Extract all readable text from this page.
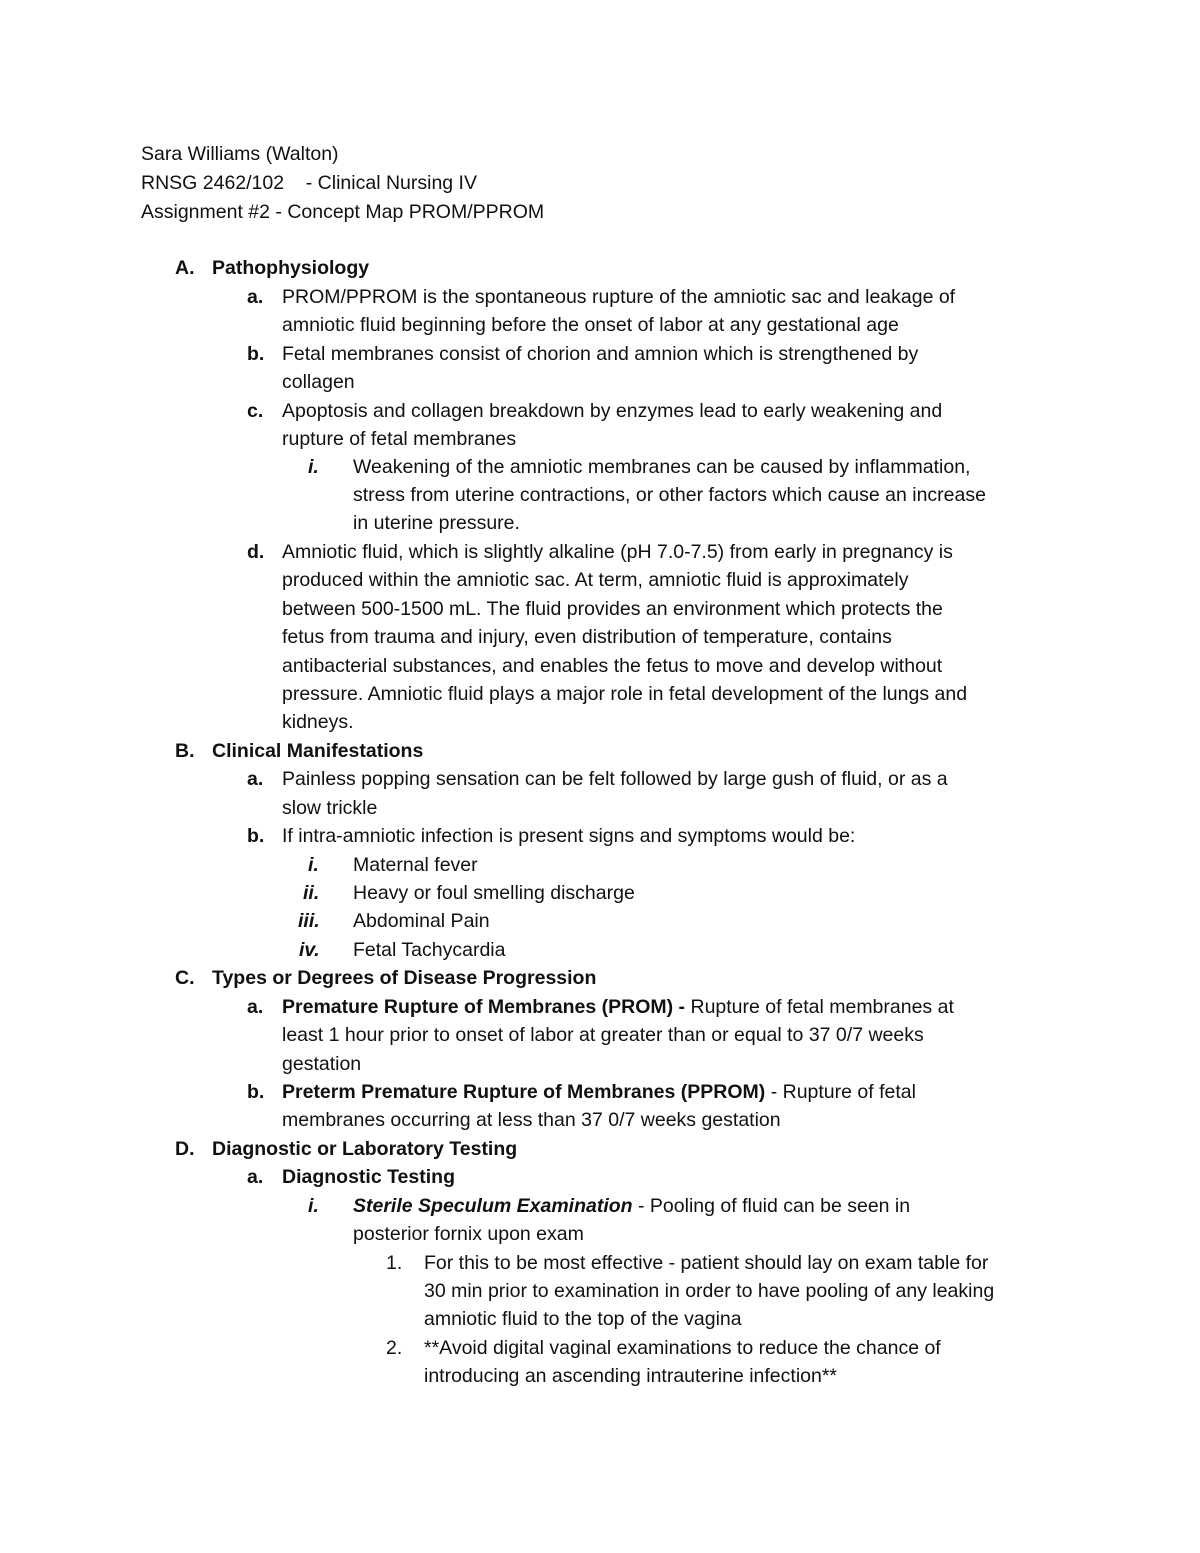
Sara Williams (Walton)
RNSG 2462/102    - Clinical Nursing IV
Assignment #2 - Concept Map PROM/PPROM
A. Pathophysiology
a. PROM/PPROM is the spontaneous rupture of the amniotic sac and leakage of
amniotic fluid beginning before the onset of labor at any gestational age
b. Fetal membranes consist of chorion and amnion which is strengthened by
collagen
c. Apoptosis and collagen breakdown by enzymes lead to early weakening and
rupture of fetal membranes
i. Weakening of the amniotic membranes can be caused by inflammation,
stress from uterine contractions, or other factors which cause an increase
in uterine pressure.
d. Amniotic fluid, which is slightly alkaline (pH 7.0-7.5) from early in pregnancy is
produced within the amniotic sac. At term, amniotic fluid is approximately
between 500-1500 mL. The fluid provides an environment which protects the
fetus from trauma and injury, even distribution of temperature, contains
antibacterial substances, and enables the fetus to move and develop without
pressure. Amniotic fluid plays a major role in fetal development of the lungs and
kidneys.
B. Clinical Manifestations
a. Painless popping sensation can be felt followed by large gush of fluid, or as a
slow trickle
b. If intra-amniotic infection is present signs and symptoms would be:
i. Maternal fever
ii. Heavy or foul smelling discharge
iii. Abdominal Pain
iv. Fetal Tachycardia
C. Types or Degrees of Disease Progression
a. Premature Rupture of Membranes (PROM) - Rupture of fetal membranes at
least 1 hour prior to onset of labor at greater than or equal to 37 0/7 weeks
gestation
b. Preterm Premature Rupture of Membranes (PPROM) - Rupture of fetal
membranes occurring at less than 37 0/7 weeks gestation
D. Diagnostic or Laboratory Testing
a. Diagnostic Testing
i. Sterile Speculum Examination - Pooling of fluid can be seen in
posterior fornix upon exam
1. For this to be most effective - patient should lay on exam table for
30 min prior to examination in order to have pooling of any leaking
amniotic fluid to the top of the vagina
2. **Avoid digital vaginal examinations to reduce the chance of
introducing an ascending intrauterine infection**
